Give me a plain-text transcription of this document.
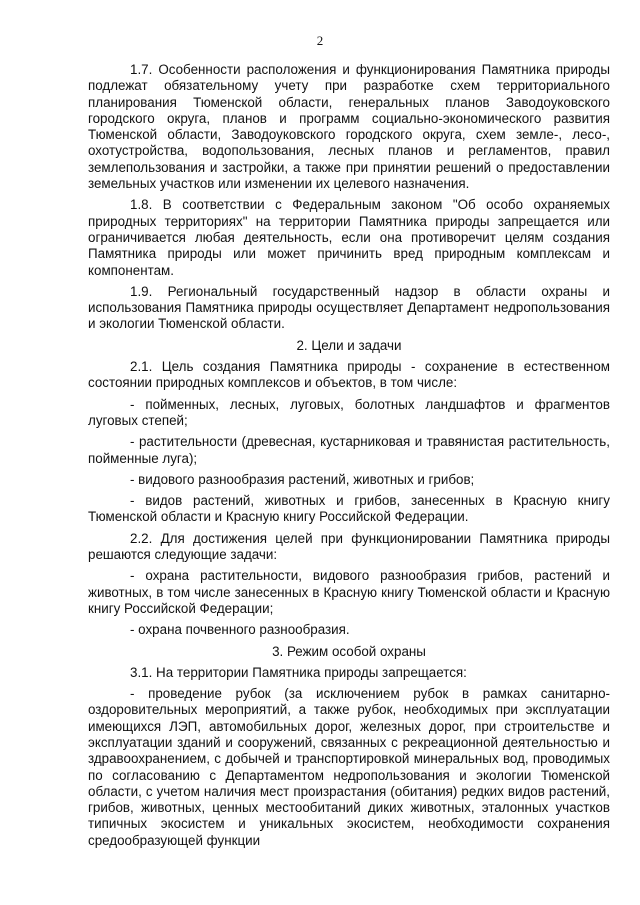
2

1.7. Особенности расположения и функционирования Памятника природы подлежат обязательному учету при разработке схем территориального планирования Тюменской области, генеральных планов Заводоуковского городского округа, планов и программ социально-экономического развития Тюменской области, Заводоуковского городского округа, схем земле-, лесо-, охотустройства, водопользования, лесных планов и регламентов, правил землепользования и застройки, а также при принятии решений о предоставлении земельных участков или изменении их целевого назначения.

1.8. В соответствии с Федеральным законом "Об особо охраняемых природных территориях" на территории Памятника природы запрещается или ограничивается любая деятельность, если она противоречит целям создания Памятника природы или может причинить вред природным комплексам и компонентам.

1.9. Региональный государственный надзор в области охраны и использования Памятника природы осуществляет Департамент недропользования и экологии Тюменской области.

2. Цели и задачи

2.1. Цель создания Памятника природы - сохранение в естественном состоянии природных комплексов и объектов, в том числе:

- пойменных, лесных, луговых, болотных ландшафтов и фрагментов луговых степей;

- растительности (древесная, кустарниковая и травянистая растительность, пойменные луга);

- видового разнообразия растений, животных и грибов;

- видов растений, животных и грибов, занесенных в Красную книгу Тюменской области и Красную книгу Российской Федерации.

2.2. Для достижения целей при функционировании Памятника природы решаются следующие задачи:

- охрана растительности, видового разнообразия грибов, растений и животных, в том числе занесенных в Красную книгу Тюменской области и Красную книгу Российской Федерации;

- охрана почвенного разнообразия.

3. Режим особой охраны

3.1. На территории Памятника природы запрещается:

- проведение рубок (за исключением рубок в рамках санитарно-оздоровительных мероприятий, а также рубок, необходимых при эксплуатации имеющихся ЛЭП, автомобильных дорог, железных дорог, при строительстве и эксплуатации зданий и сооружений, связанных с рекреационной деятельностью и здравоохранением, с добычей и транспортировкой минеральных вод, проводимых по согласованию с Департаментом недропользования и экологии Тюменской области, с учетом наличия мест произрастания (обитания) редких видов растений, грибов, животных, ценных местообитаний диких животных, эталонных участков типичных экосистем и уникальных экосистем, необходимости сохранения средообразующей функции
